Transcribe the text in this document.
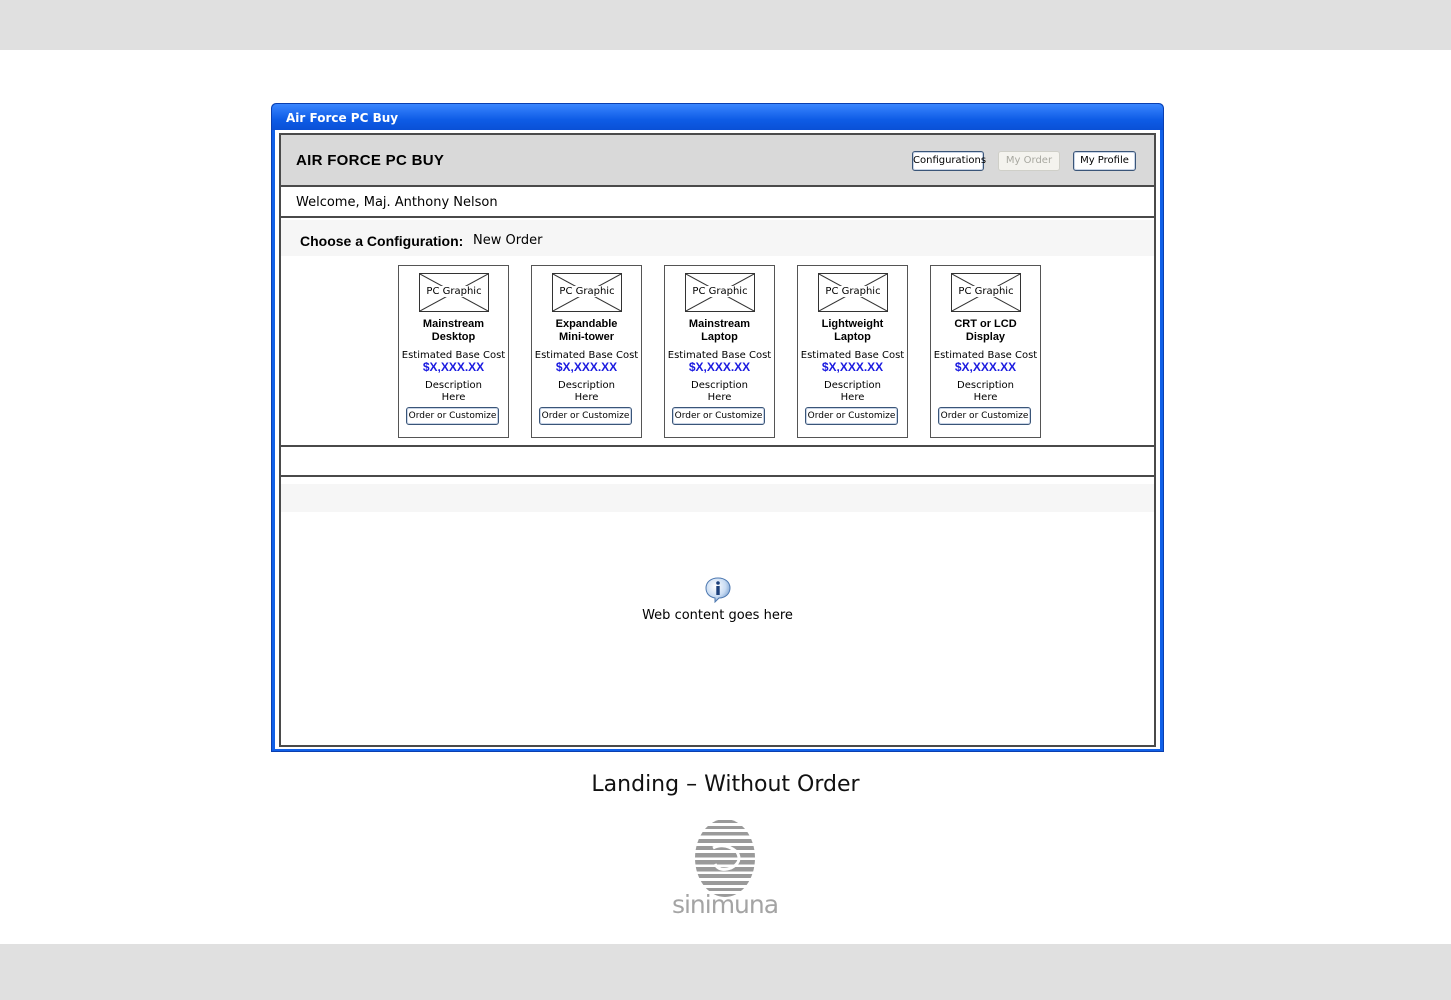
Air Force PC Buy
AIR FORCE PC BUY	Configurations	My Order	My Profile
Welcome, Maj. Anthony Nelson
Choose a Configuration: New Order
PC Graphic
Mainstream
Desktop
Estimated Base Cost
$X,XXX.XX
Description
Here
Order or Customize
PC Graphic
Expandable
Mini-tower
Estimated Base Cost
$X,XXX.XX
Description
Here
Order or Customize
PC Graphic
Mainstream
Laptop
Estimated Base Cost
$X,XXX.XX
Description
Here
Order or Customize
PC Graphic
Lightweight
Laptop
Estimated Base Cost
$X,XXX.XX
Description
Here
Order or Customize
PC Graphic
CRT or LCD
Display
Estimated Base Cost
$X,XXX.XX
Description
Here
Order or Customize
Web content goes here
Landing – Without Order
sinimuna
